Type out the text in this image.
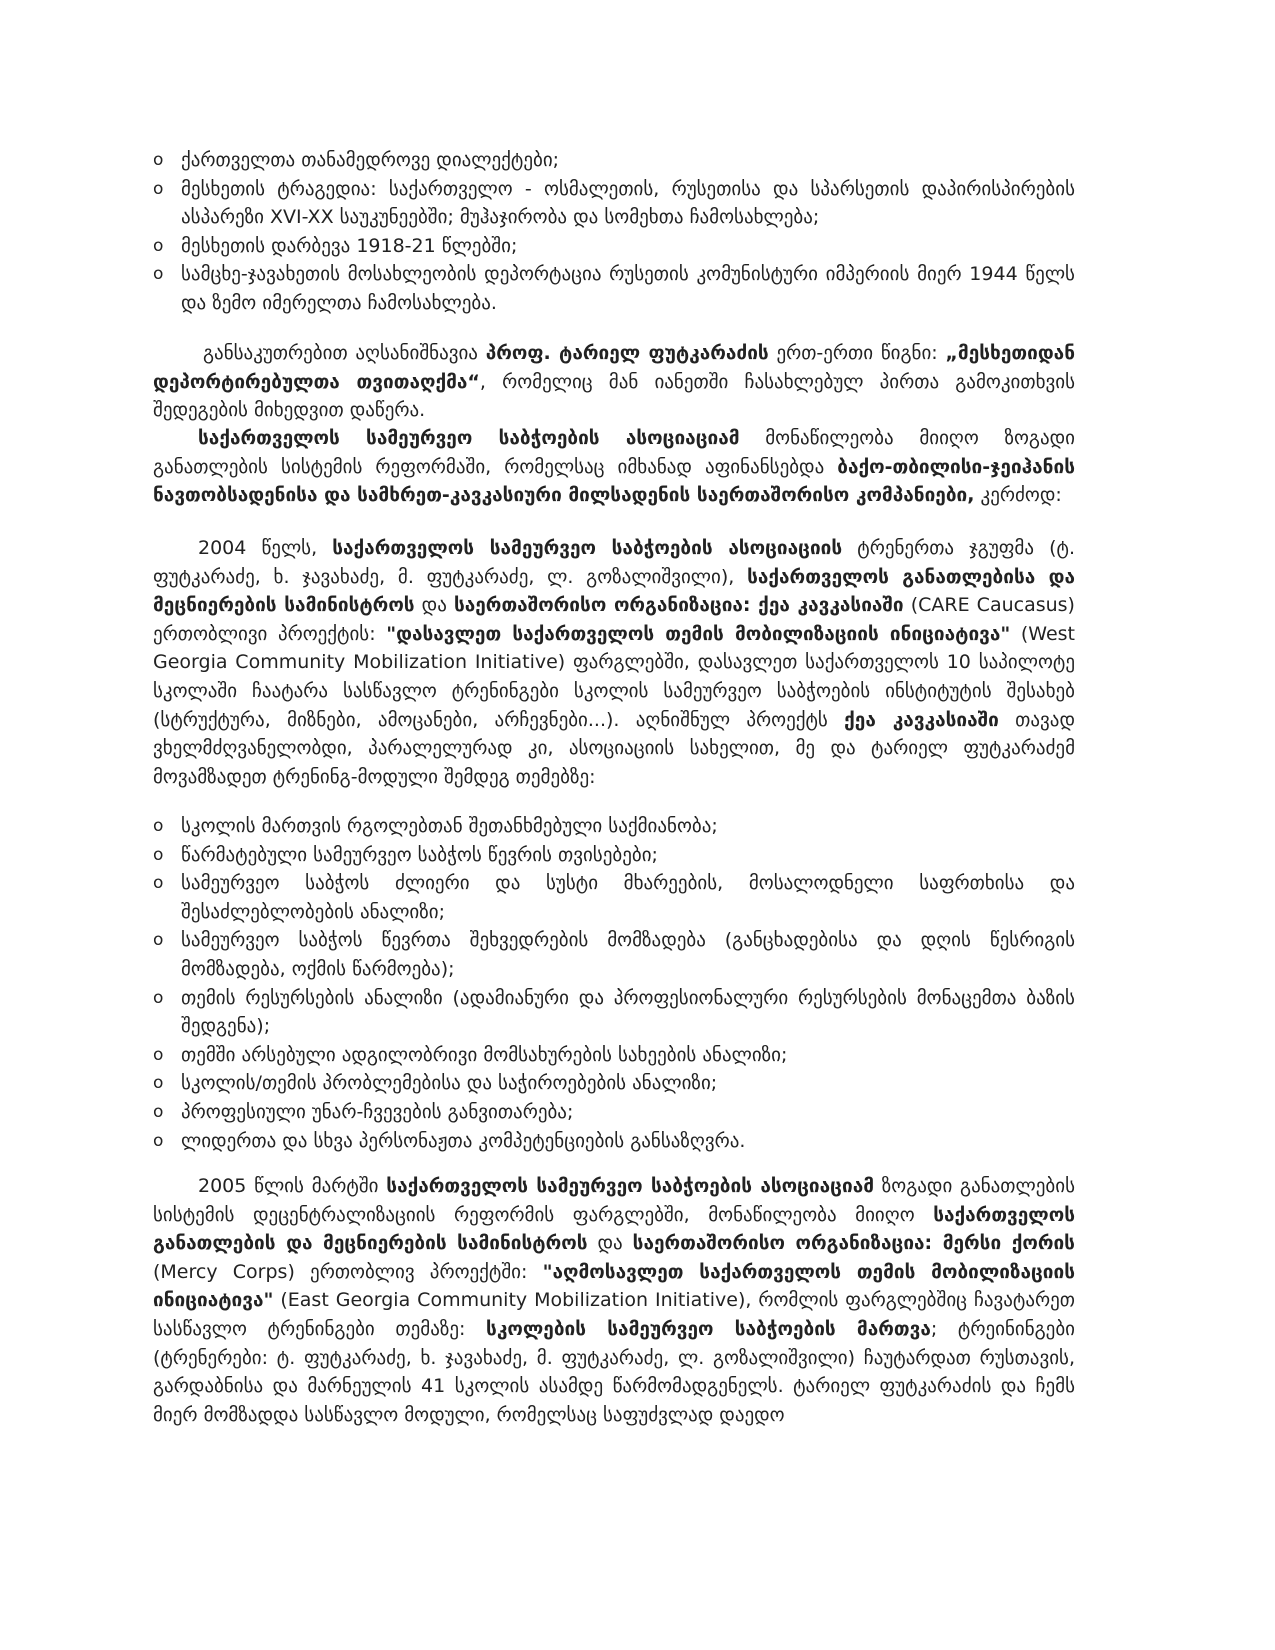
o ქართველთა თანამედროვე დიალექტები;
o მესხეთის ტრაგედია: საქართველო - ოსმალეთის, რუსეთისა და სპარსეთის დაპირისპირების ასპარეზი XVI-XX საუკუნეებში; მუჰაჯირობა და სომეხთა ჩამოსახლება;
o მესხეთის დარბევა 1918-21 წლებში;
o სამცხე-ჯავახეთის მოსახლეობის დეპორტაცია რუსეთის კომუნისტური იმპერიის მიერ 1944 წელს და ზემო იმერელთა ჩამოსახლება.

განსაკუთრებით აღსანიშნავია პროფ. ტარიელ ფუტკარაძის ერთ-ერთი წიგნი: „მესხეთიდან დეპორტირებულთა თვითაღქმა“, რომელიც მან იანეთში ჩასახლებულ პირთა გამოკითხვის შედეგების მიხედვით დაწერა.

საქართველოს სამეურვეო საბჭოების ასოციაციამ მონაწილეობა მიიღო ზოგადი განათლების სისტემის რეფორმაში, რომელსაც იმხანად აფინანსებდა ბაქო-თბილისი-ჯეიჰანის ნავთობსადენისა და სამხრეთ-კავკასიური მილსადენის საერთაშორისო კომპანიები, კერძოდ:

2004 წელს, საქართველოს სამეურვეო საბჭოების ასოციაციის ტრენერთა ჯგუფმა (ტ. ფუტკარაძე, ხ. ჯავახაძე, მ. ფუტკარაძე, ლ. გოზალიშვილი), საქართველოს განათლებისა და მეცნიერების სამინისტროს და საერთაშორისო ორგანიზაცია: ქეა კავკასიაში (CARE Caucasus) ერთობლივი პროექტის: "დასავლეთ საქართველოს თემის მობილიზაციის ინიციატივა" (West Georgia Community Mobilization Initiative) ფარგლებში, დასავლეთ საქართველოს 10 საპილოტე სკოლაში ჩაატარა სასწავლო ტრენინგები სკოლის სამეურვეო საბჭოების ინსტიტუტის შესახებ (სტრუქტურა, მიზნები, ამოცანები, არჩევნები...). აღნიშნულ პროექტს ქეა კავკასიაში თავად ვხელმძღვანელობდი, პარალელურად კი, ასოციაციის სახელით, მე და ტარიელ ფუტკარაძემ მოვამზადეთ ტრენინგ-მოდული შემდეგ თემებზე:

o სკოლის მართვის რგოლებთან შეთანხმებული საქმიანობა;
o წარმატებული სამეურვეო საბჭოს წევრის თვისებები;
o სამეურვეო საბჭოს ძლიერი და სუსტი მხარეების, მოსალოდნელი საფრთხისა და შესაძლებლობების ანალიზი;
o სამეურვეო საბჭოს წევრთა შეხვედრების მომზადება (განცხადებისა და დღის წესრიგის მომზადება, ოქმის წარმოება);
o თემის რესურსების ანალიზი (ადამიანური და პროფესიონალური რესურსების მონაცემთა ბაზის შედგენა);
o თემში არსებული ადგილობრივი მომსახურების სახეების ანალიზი;
o სკოლის/თემის პრობლემებისა და საჭიროებების ანალიზი;
o პროფესიული უნარ-ჩვევების განვითარება;
o ლიდერთა და სხვა პერსონაჟთა კომპეტენციების განსაზღვრა.

2005 წლის მარტში საქართველოს სამეურვეო საბჭოების ასოციაციამ ზოგადი განათლების სისტემის დეცენტრალიზაციის რეფორმის ფარგლებში, მონაწილეობა მიიღო საქართველოს განათლების და მეცნიერების სამინისტროს და საერთაშორისო ორგანიზაცია: მერსი ქორის (Mercy Corps) ერთობლივ პროექტში: "აღმოსავლეთ საქართველოს თემის მობილიზაციის ინიციატივა" (East Georgia Community Mobilization Initiative), რომლის ფარგლებშიც ჩავატარეთ სასწავლო ტრენინგები თემაზე: სკოლების სამეურვეო საბჭოების მართვა; ტრეინინგები (ტრენერები: ტ. ფუტკარაძე, ხ. ჯავახაძე, მ. ფუტკარაძე, ლ. გოზალიშვილი) ჩაუტარდათ რუსთავის, გარდაბნისა და მარნეულის 41 სკოლის ასამდე წარმომადგენელს. ტარიელ ფუტკარაძის და ჩემს მიერ მომზადდა სასწავლო მოდული, რომელსაც საფუძვლად დაედო
